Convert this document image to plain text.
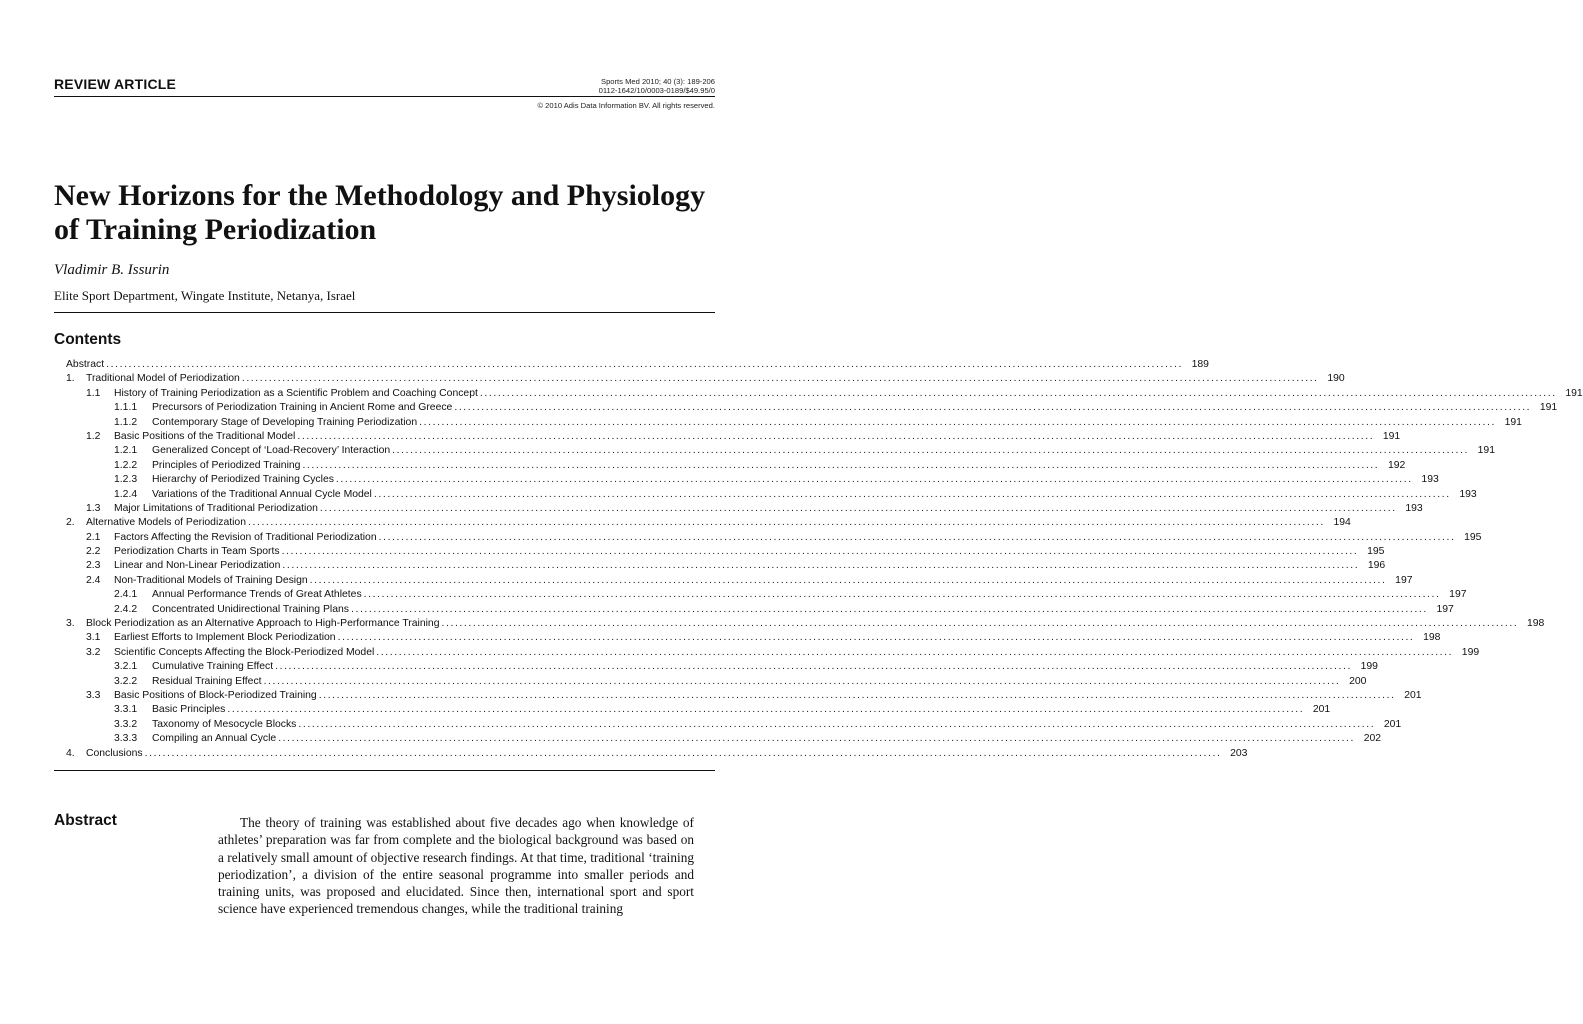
REVIEW ARTICLE	Sports Med 2010; 40 (3): 189-206
0112-1642/10/0003-0189/$49.95/0
© 2010 Adis Data Information BV. All rights reserved.
New Horizons for the Methodology and Physiology of Training Periodization
Vladimir B. Issurin
Elite Sport Department, Wingate Institute, Netanya, Israel
Contents
Abstract ................................................................................................................................................................................................................................................ 189
1.	Traditional Model of Periodization ................................................................................................................................................................................................................................................ 190
1.1	History of Training Periodization as a Scientific Problem and Coaching Concept ................................................................................................................................................................................................................................................ 191
1.1.1	Precursors of Periodization Training in Ancient Rome and Greece ................................................................................................................................................................................................................................................ 191
1.1.2	Contemporary Stage of Developing Training Periodization ................................................................................................................................................................................................................................................ 191
1.2	Basic Positions of the Traditional Model ................................................................................................................................................................................................................................................ 191
1.2.1	Generalized Concept of ‘Load-Recovery’ Interaction ................................................................................................................................................................................................................................................ 191
1.2.2	Principles of Periodized Training ................................................................................................................................................................................................................................................ 192
1.2.3	Hierarchy of Periodized Training Cycles ................................................................................................................................................................................................................................................ 193
1.2.4	Variations of the Traditional Annual Cycle Model ................................................................................................................................................................................................................................................ 193
1.3	Major Limitations of Traditional Periodization ................................................................................................................................................................................................................................................ 193
2.	Alternative Models of Periodization ................................................................................................................................................................................................................................................ 194
2.1	Factors Affecting the Revision of Traditional Periodization ................................................................................................................................................................................................................................................ 195
2.2	Periodization Charts in Team Sports ................................................................................................................................................................................................................................................ 195
2.3	Linear and Non-Linear Periodization ................................................................................................................................................................................................................................................ 196
2.4	Non-Traditional Models of Training Design ................................................................................................................................................................................................................................................ 197
2.4.1	Annual Performance Trends of Great Athletes ................................................................................................................................................................................................................................................ 197
2.4.2	Concentrated Unidirectional Training Plans ................................................................................................................................................................................................................................................ 197
3.	Block Periodization as an Alternative Approach to High-Performance Training ................................................................................................................................................................................................................................................ 198
3.1	Earliest Efforts to Implement Block Periodization ................................................................................................................................................................................................................................................ 198
3.2	Scientific Concepts Affecting the Block-Periodized Model ................................................................................................................................................................................................................................................ 199
3.2.1	Cumulative Training Effect ................................................................................................................................................................................................................................................ 199
3.2.2	Residual Training Effect ................................................................................................................................................................................................................................................ 200
3.3	Basic Positions of Block-Periodized Training ................................................................................................................................................................................................................................................ 201
3.3.1	Basic Principles ................................................................................................................................................................................................................................................ 201
3.3.2	Taxonomy of Mesocycle Blocks ................................................................................................................................................................................................................................................ 201
3.3.3	Compiling an Annual Cycle ................................................................................................................................................................................................................................................ 202
4.	Conclusions ................................................................................................................................................................................................................................................ 203
Abstract	The theory of training was established about five decades ago when knowledge of athletes’ preparation was far from complete and the biological background was based on a relatively small amount of objective research findings. At that time, traditional ‘training periodization’, a division of the entire seasonal programme into smaller periods and training units, was proposed and elucidated. Since then, international sport and sport science have experienced tremendous changes, while the traditional training
